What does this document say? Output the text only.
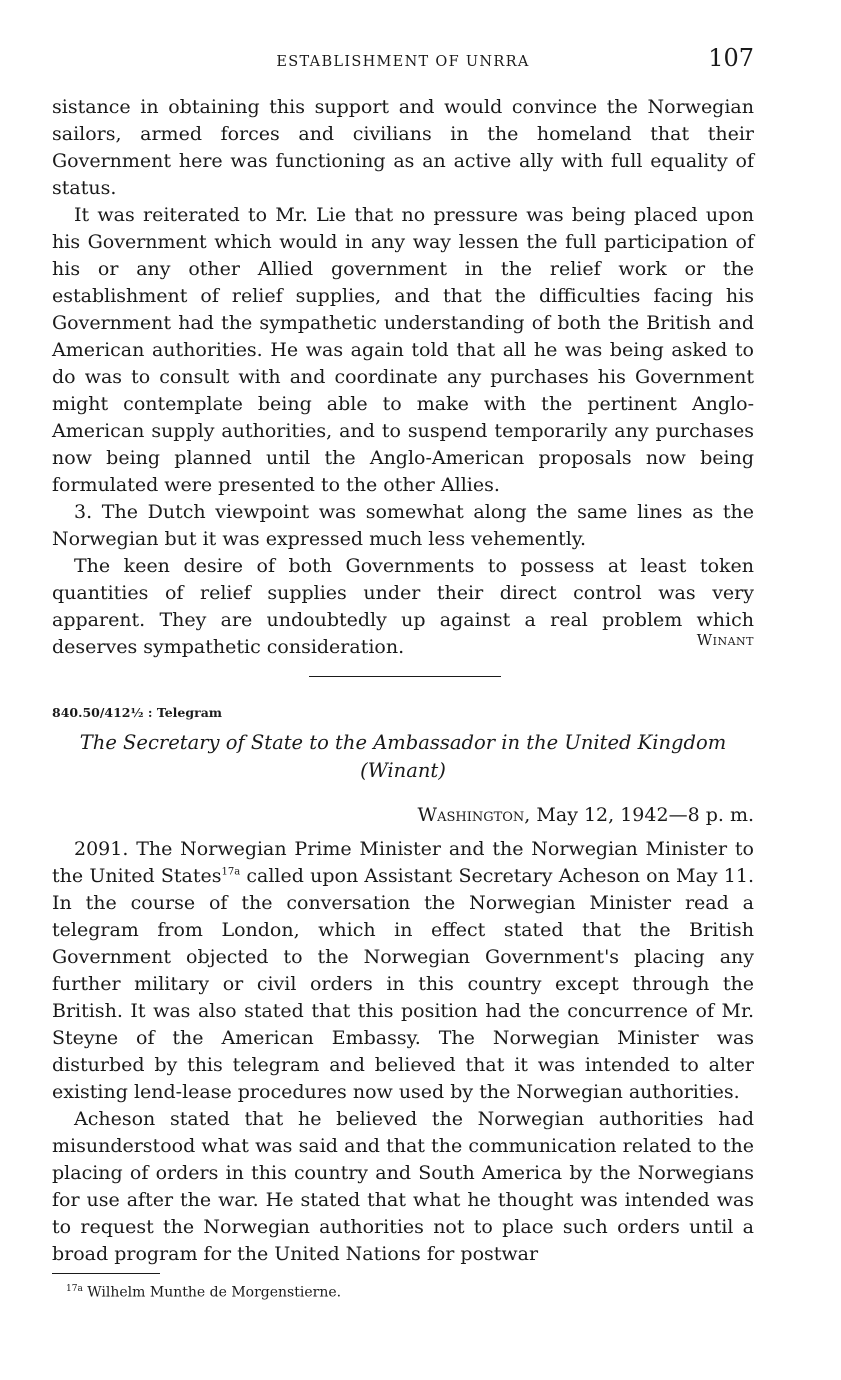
ESTABLISHMENT OF UNRRA	107

sistance in obtaining this support and would convince the Norwegian sailors, armed forces and civilians in the homeland that their Government here was functioning as an active ally with full equality of status.

It was reiterated to Mr. Lie that no pressure was being placed upon his Government which would in any way lessen the full participation of his or any other Allied government in the relief work or the establishment of relief supplies, and that the difficulties facing his Government had the sympathetic understanding of both the British and American authorities. He was again told that all he was being asked to do was to consult with and coordinate any purchases his Government might contemplate being able to make with the pertinent Anglo-American supply authorities, and to suspend temporarily any purchases now being planned until the Anglo-American proposals now being formulated were presented to the other Allies.

3. The Dutch viewpoint was somewhat along the same lines as the Norwegian but it was expressed much less vehemently.

The keen desire of both Governments to possess at least token quantities of relief supplies under their direct control was very apparent. They are undoubtedly up against a real problem which deserves sympathetic consideration.	Winant
840.50/412½ : Telegram
The Secretary of State to the Ambassador in the United Kingdom
(Winant)
Washington, May 12, 1942—8 p. m.

2091. The Norwegian Prime Minister and the Norwegian Minister to the United States$^{17a}$ called upon Assistant Secretary Acheson on May 11. In the course of the conversation the Norwegian Minister read a telegram from London, which in effect stated that the British Government objected to the Norwegian Government's placing any further military or civil orders in this country except through the British. It was also stated that this position had the concurrence of Mr. Steyne of the American Embassy. The Norwegian Minister was disturbed by this telegram and believed that it was intended to alter existing lend-lease procedures now used by the Norwegian authorities.

Acheson stated that he believed the Norwegian authorities had misunderstood what was said and that the communication related to the placing of orders in this country and South America by the Norwegians for use after the war. He stated that what he thought was intended was to request the Norwegian authorities not to place such orders until a broad program for the United Nations for postwar

$^{17a}$ Wilhelm Munthe de Morgenstierne.
